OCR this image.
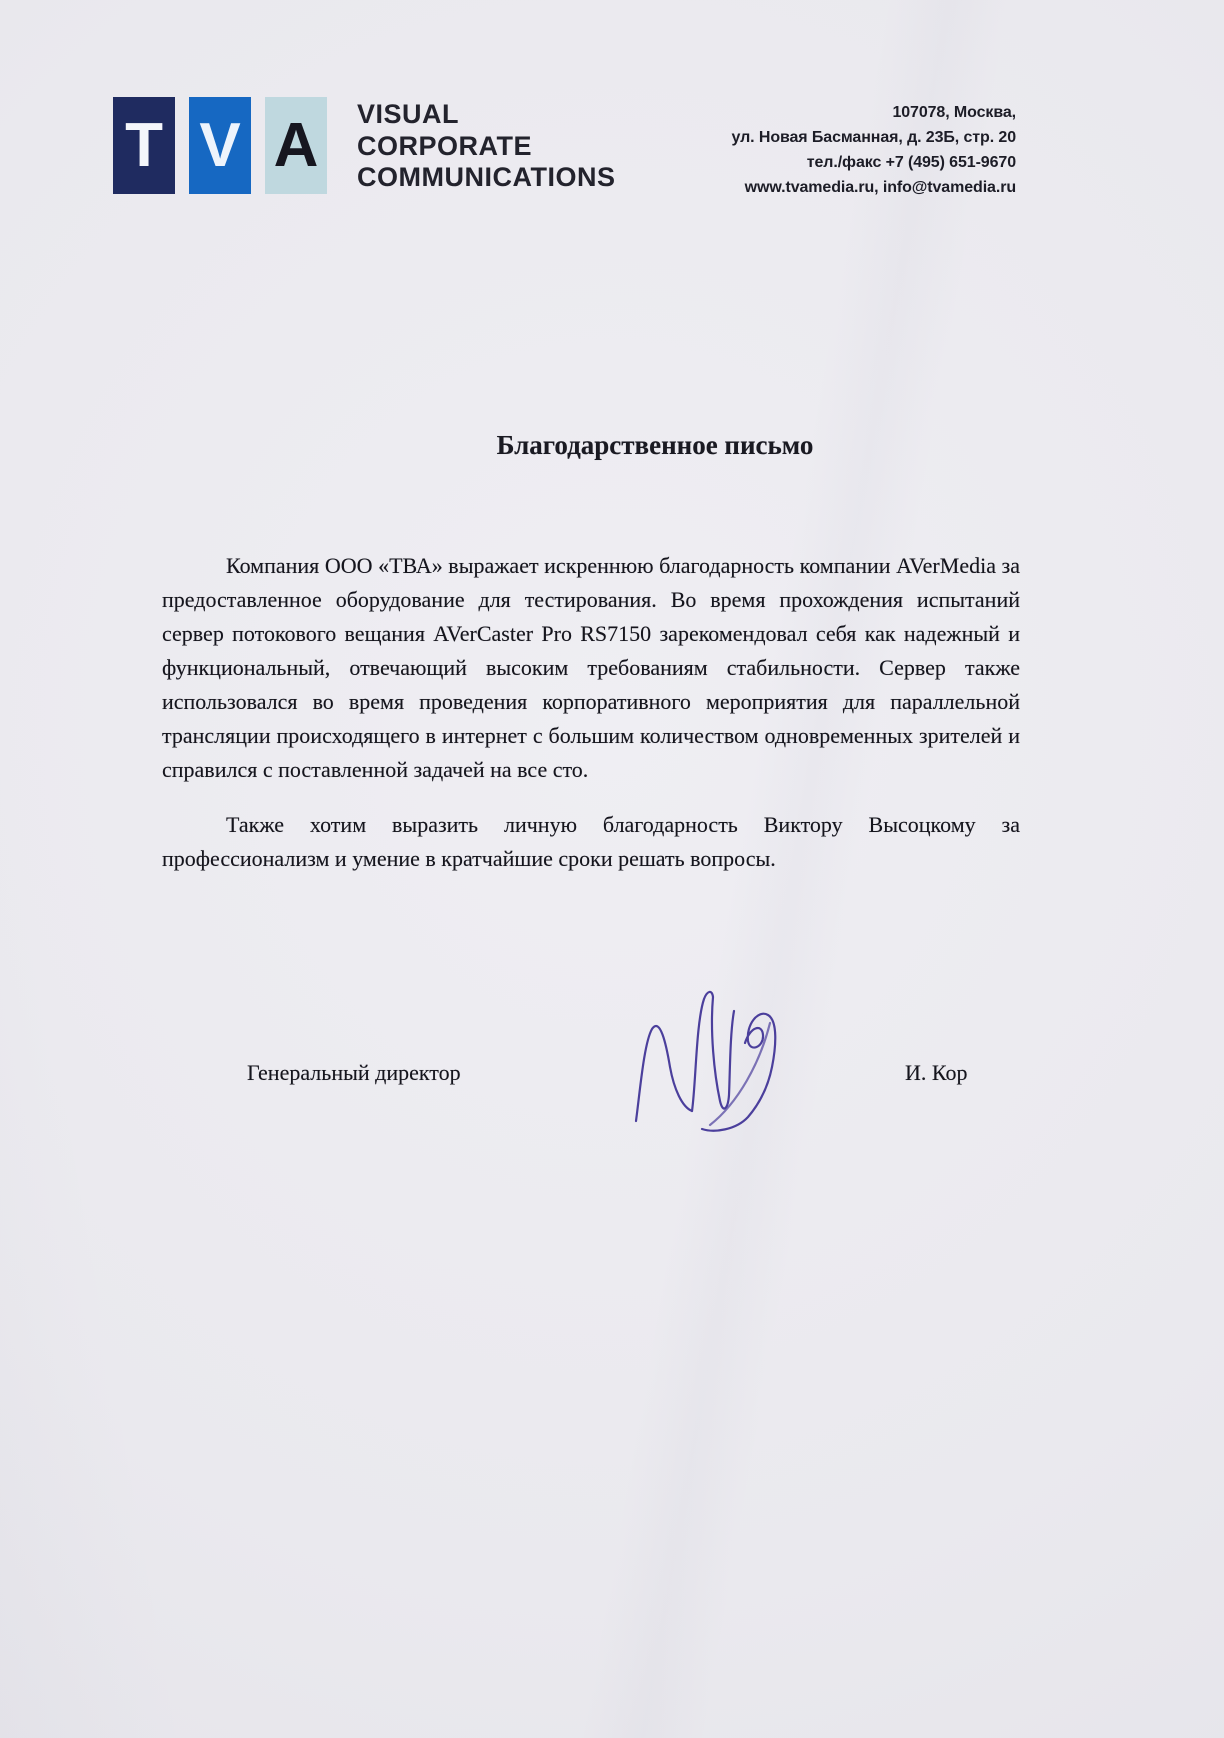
T V A	VISUAL
CORPORATE
COMMUNICATIONS
107078, Москва,
ул. Новая Басманная, д. 23Б, стр. 20
тел./факс +7 (495) 651-9670
www.tvamedia.ru, info@tvamedia.ru
Благодарственное письмо

Компания ООО «ТВА» выражает искреннюю благодарность компании AVerMedia за предоставленное оборудование для тестирования. Во время прохождения испытаний сервер потокового вещания AVerCaster Pro RS7150 зарекомендовал себя как надежный и функциональный, отвечающий высоким требованиям стабильности. Сервер также использовался во время проведения корпоративного мероприятия для параллельной трансляции происходящего в интернет с большим количеством одновременных зрителей и справился с поставленной задачей на все сто.

Также хотим выразить личную благодарность Виктору Высоцкому за профессионализм и умение в кратчайшие сроки решать вопросы.

Генеральный директор	И. Кор
